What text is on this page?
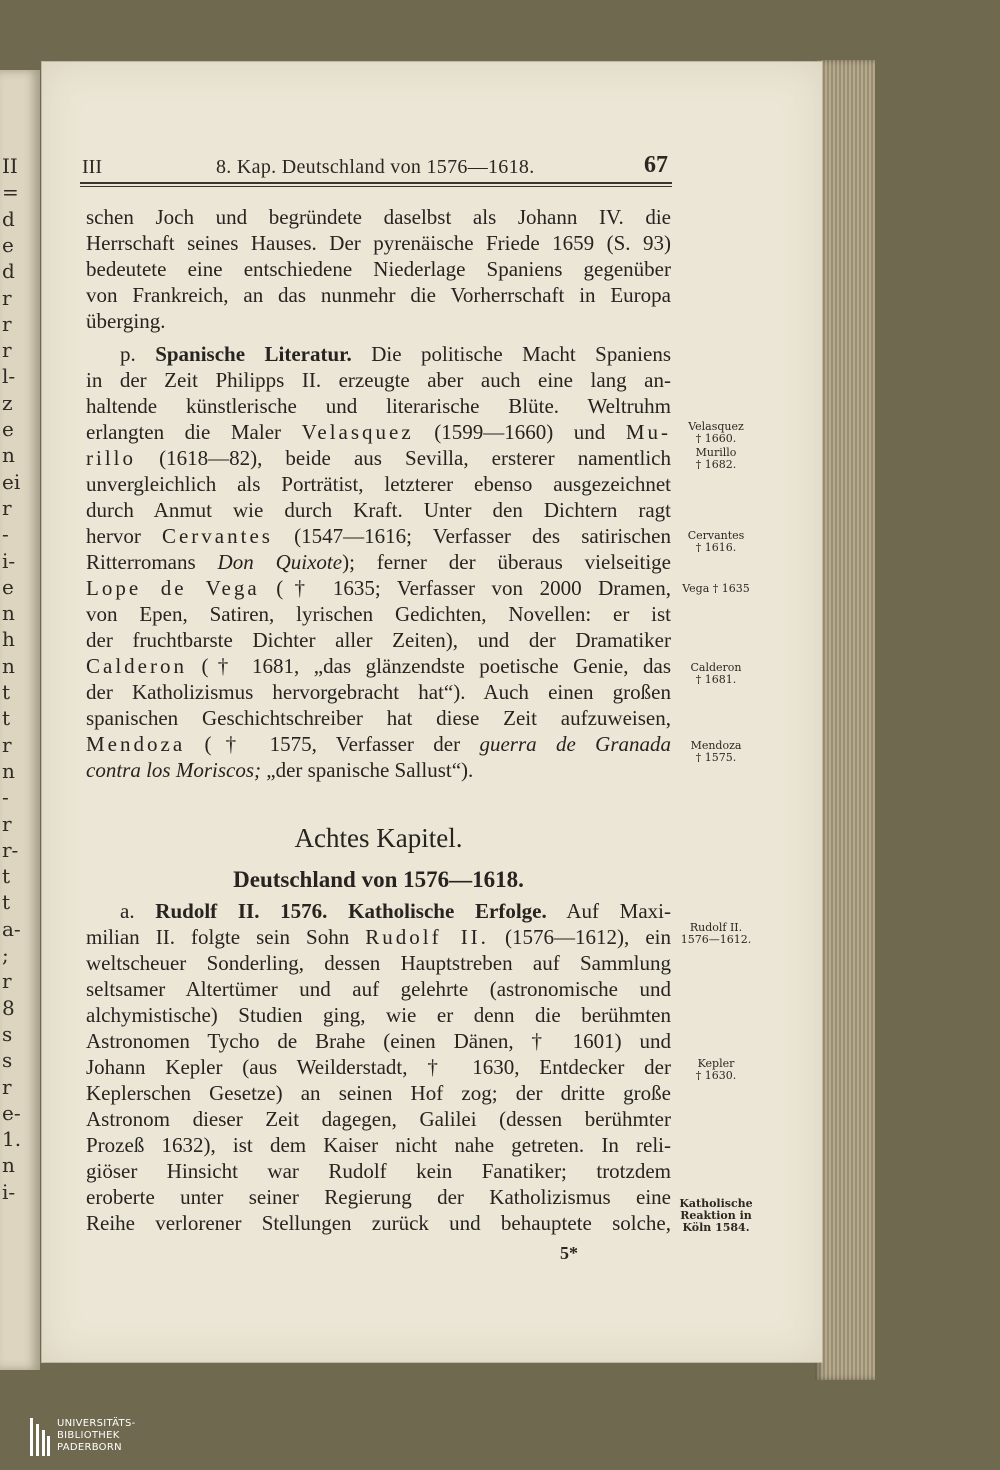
II
=
d
e
d
r
r
r
l-
z
e
n
ei
r
-
i-
e
n
h
n
t
t
r
n
-
r
r-
t
t
a-
;
r
8
s
s
r
e-
1.
n
i-
III	8. Kap. Deutschland von 1576—1618.	67
schen Joch und begründete daselbst als Johann IV. die
Herrschaft seines Hauses. Der pyrenäische Friede 1659 (S. 93)
bedeutete eine entschiedene Niederlage Spaniens gegenüber
von Frankreich, an das nunmehr die Vorherrschaft in Europa
überging.
p. Spanische Literatur. Die politische Macht Spaniens
in der Zeit Philipps II. erzeugte aber auch eine lang an-
haltende künstlerische und literarische Blüte. Weltruhm
erlangten die Maler Velasquez (1599—1660) und Mu-
rillo (1618—82), beide aus Sevilla, ersterer namentlich
unvergleichlich als Porträtist, letzterer ebenso ausgezeichnet
durch Anmut wie durch Kraft. Unter den Dichtern ragt
hervor Cervantes (1547—1616; Verfasser des satirischen
Ritterromans Don Quixote); ferner der überaus vielseitige
Lope de Vega († 1635; Verfasser von 2000 Dramen,
von Epen, Satiren, lyrischen Gedichten, Novellen: er ist
der fruchtbarste Dichter aller Zeiten), und der Dramatiker
Calderon († 1681, „das glänzendste poetische Genie, das
der Katholizismus hervorgebracht hat“). Auch einen großen
spanischen Geschichtschreiber hat diese Zeit aufzuweisen,
Mendoza († 1575, Verfasser der guerra de Granada
contra los Moriscos; „der spanische Sallust“).
Achtes Kapitel.
Deutschland von 1576—1618.
a. Rudolf II. 1576. Katholische Erfolge. Auf Maxi-
milian II. folgte sein Sohn Rudolf II. (1576—1612), ein
weltscheuer Sonderling, dessen Hauptstreben auf Sammlung
seltsamer Altertümer und auf gelehrte (astronomische und
alchymistische) Studien ging, wie er denn die berühmten
Astronomen Tycho de Brahe (einen Dänen, † 1601) und
Johann Kepler (aus Weilderstadt, † 1630, Entdecker der
Keplerschen Gesetze) an seinen Hof zog; der dritte große
Astronom dieser Zeit dagegen, Galilei (dessen berühmter
Prozeß 1632), ist dem Kaiser nicht nahe getreten. In reli-
giöser Hinsicht war Rudolf kein Fanatiker; trotzdem
eroberte unter seiner Regierung der Katholizismus eine
Reihe verlorener Stellungen zurück und behauptete solche,
Velasquez
† 1660.
Murillo
† 1682.
Cervantes
† 1616.
Vega † 1635
Calderon
† 1681.
Mendoza
† 1575.
Rudolf II.
1576—1612.
Kepler
† 1630.
Katholische
Reaktion in
Köln 1584.
5*
UNIVERSITÄTS-
BIBLIOTHEK
PADERBORN
